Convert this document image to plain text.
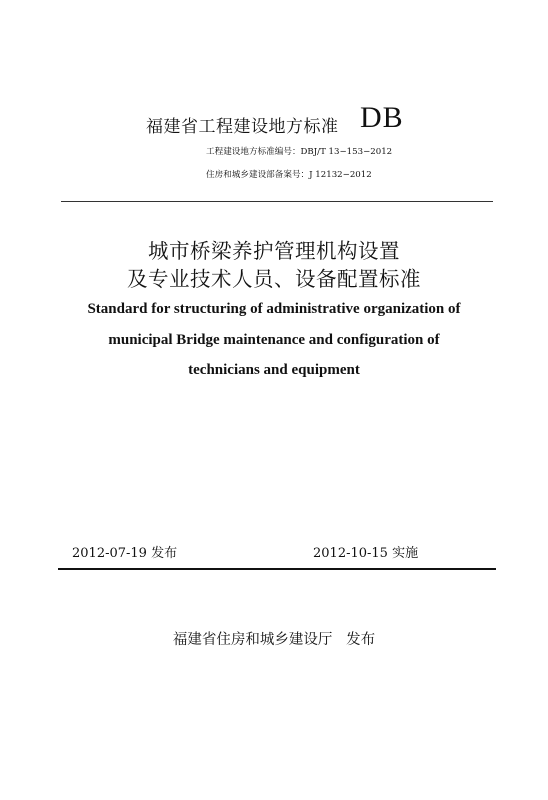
福建省工程建设地方标准 DB
工程建设地方标准编号：DBJ/T 13−153−2012
住房和城乡建设部备案号：J 12132−2012
城市桥梁养护管理机构设置
及专业技术人员、设备配置标准
Standard for structuring of administrative organization of
municipal Bridge maintenance and configuration of
technicians and equipment
2012-07-19 发布	2012-10-15 实施
福建省住房和城乡建设厅   发布
